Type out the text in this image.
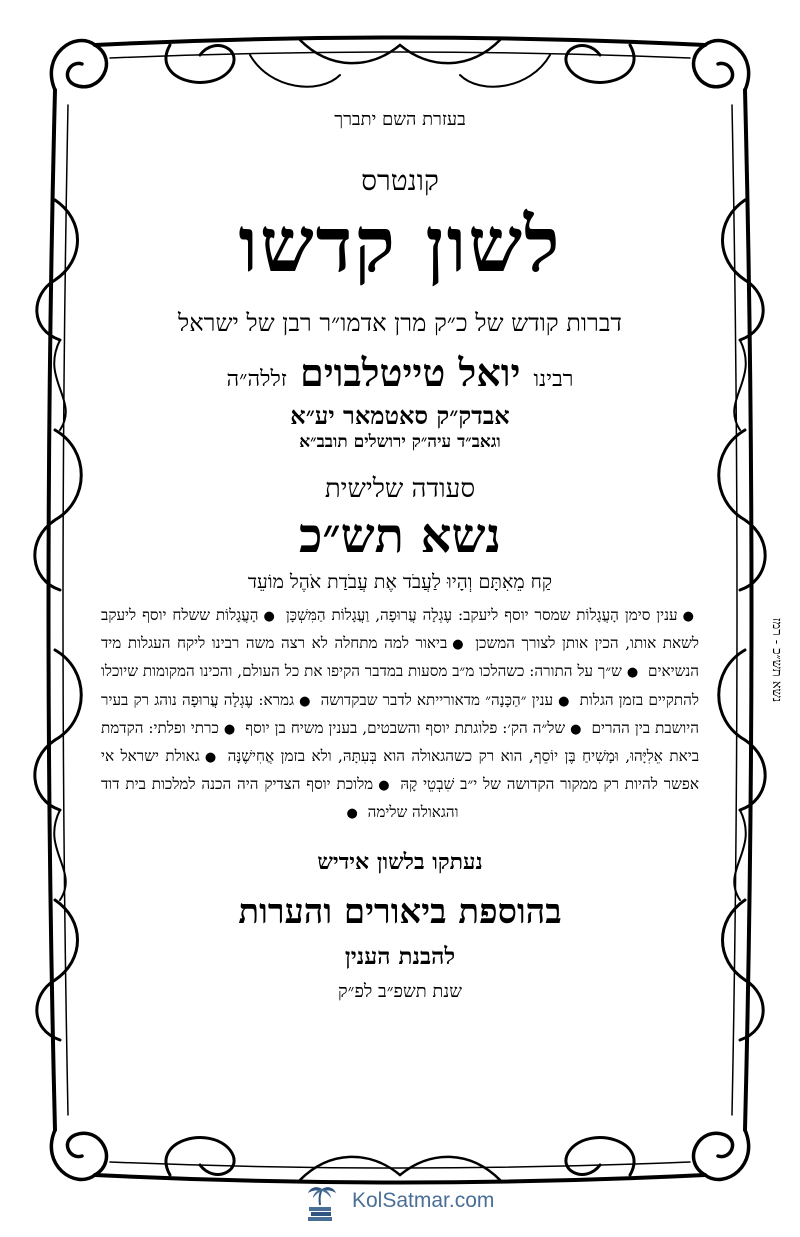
בעזרת השם יתברך
קונטרס
לשון קדשו
דברות קודש של כ״ק מרן אדמו״ר רבן של ישראל
רבינו יואל טייטלבוים זללה״ה
אבדק״ק סאטמאר יע״א
וגאב״ד עיה״ק ירושלים תובב״א
סעודה שלישית
נשא תש״כ
קַח מֵאִתָּם וְהָיוּ לַעֲבֹד אֶת עֲבֹדַת אֹהֶל מוֹעֵד
●ענין סימן הָעֲגָלוֹת שמסר יוסף ליעקב: עֶגְלָה עֲרוּפָה, וַעֲגָלוֹת הַמִּשְׁכָּן ●הָעֲגָלוֹת ששלח יוסף ליעקב לשאת אותו, הכין אותן לצורך המשכן ●ביאור למה מתחלה לא רצה משה רבינו ליקח העגלות מיד הנשיאים ●ש״ך על התורה: כשהלכו מ״ב מסעות במדבר הקיפו את כל העולם, והכינו המקומות שיוכלו להתקיים בזמן הגלות ●ענין ״הַכָּנָה״ מדאורייתא לדבר שבקדושה ●גמרא: עֶגְלָה עֲרוּפָה נוהג רק בעיר היושבת בין ההרים ●של״ה הק׳: פלוגתת יוסף והשבטים, בענין משיח בן יוסף ●כרתי ופלתי: הקדמת ביאת אֵלִיָּהוּ, וּמָשִׁיחַ בֶּן יוֹסֵף, הוא רק כשהגאולה הוא בְּעִתָּהּ, ולא בזמן אֲחִישֶׁנָּה ●גאולת ישראל אי אפשר להיות רק ממקור הקדושה של י״ב שִׁבְטֵי קָהּ ●מלוכת יוסף הצדיק היה הכנה למלכות בית דוד והגאולה שלימה ●
נעתקו בלשון אידיש
בהוספת ביאורים והערות
להבנת הענין
שנת תשפ״ב לפ״ק
נשא תש״כ - רמז
KolSatmar.com
